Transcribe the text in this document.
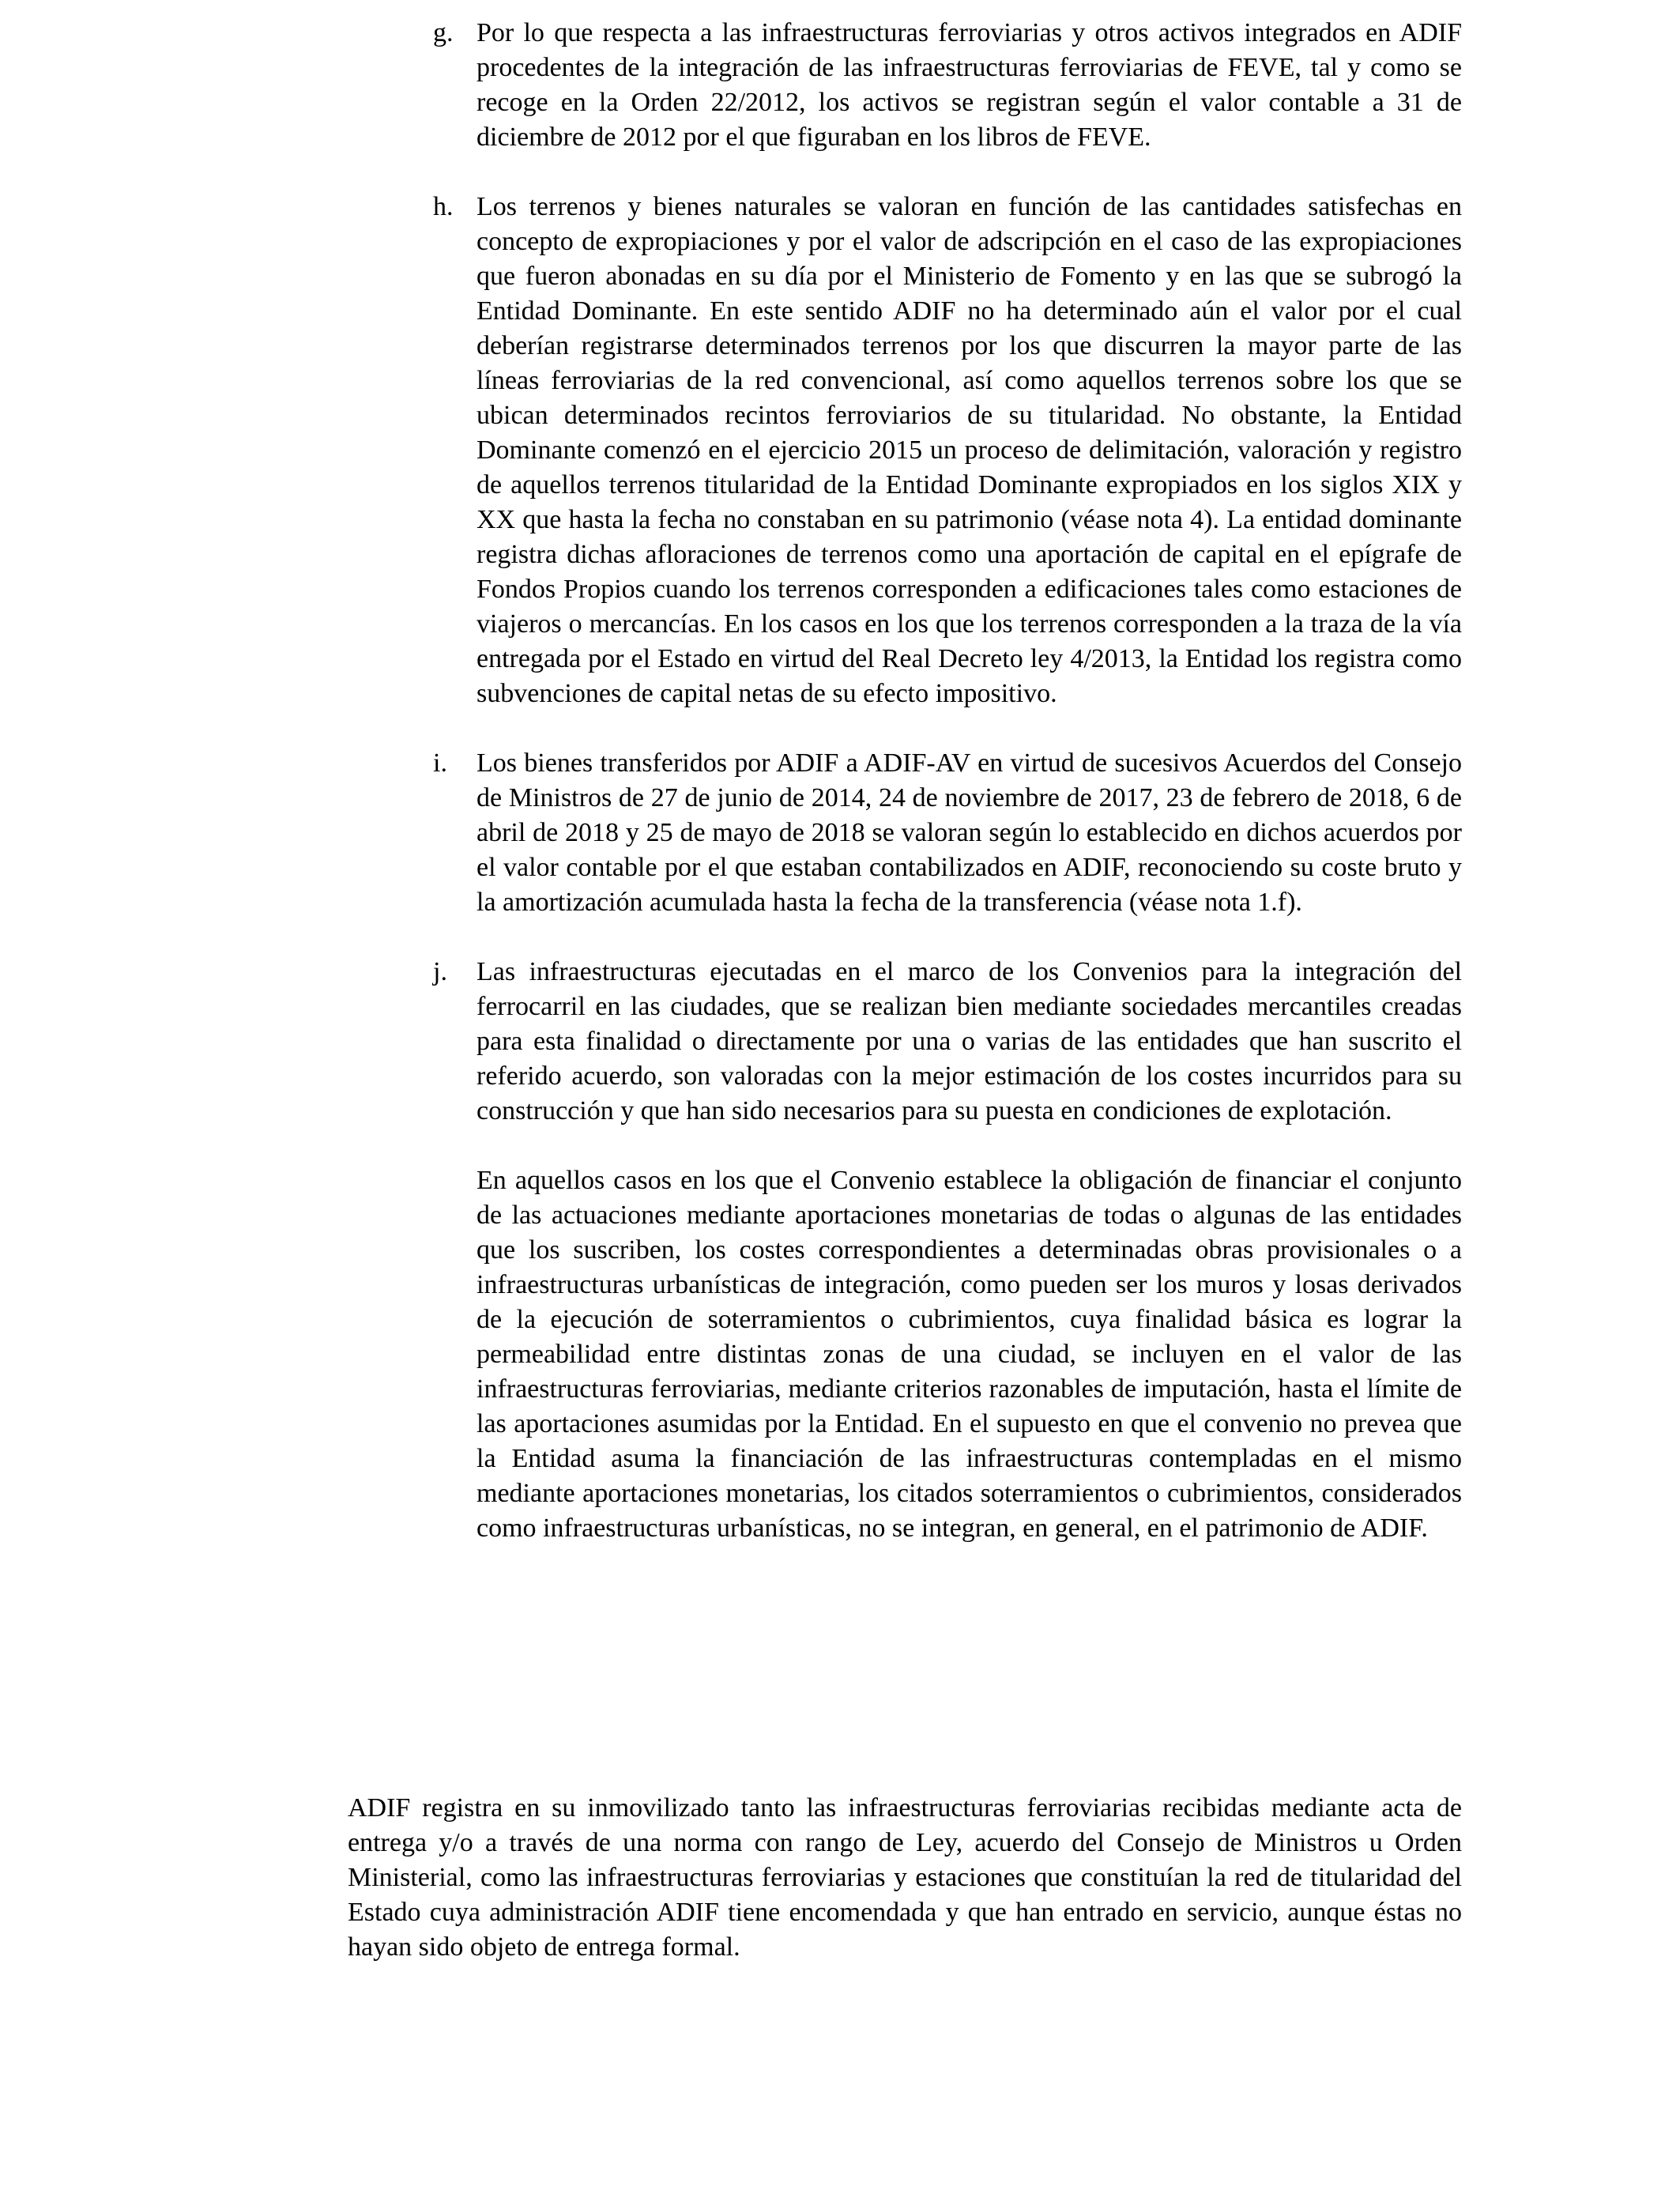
g. Por lo que respecta a las infraestructuras ferroviarias y otros activos integrados en ADIF procedentes de la integración de las infraestructuras ferroviarias de FEVE, tal y como se recoge en la Orden 22/2012, los activos se registran según el valor contable a 31 de diciembre de 2012 por el que figuraban en los libros de FEVE.

h. Los terrenos y bienes naturales se valoran en función de las cantidades satisfechas en concepto de expropiaciones y por el valor de adscripción en el caso de las expropiaciones que fueron abonadas en su día por el Ministerio de Fomento y en las que se subrogó la Entidad Dominante. En este sentido ADIF no ha determinado aún el valor por el cual deberían registrarse determinados terrenos por los que discurren la mayor parte de las líneas ferroviarias de la red convencional, así como aquellos terrenos sobre los que se ubican determinados recintos ferroviarios de su titularidad. No obstante, la Entidad Dominante comenzó en el ejercicio 2015 un proceso de delimitación, valoración y registro de aquellos terrenos titularidad de la Entidad Dominante expropiados en los siglos XIX y XX que hasta la fecha no constaban en su patrimonio (véase nota 4). La entidad dominante registra dichas afloraciones de terrenos como una aportación de capital en el epígrafe de Fondos Propios cuando los terrenos corresponden a edificaciones tales como estaciones de viajeros o mercancías. En los casos en los que los terrenos corresponden a la traza de la vía entregada por el Estado en virtud del Real Decreto ley 4/2013, la Entidad los registra como subvenciones de capital netas de su efecto impositivo.

i. Los bienes transferidos por ADIF a ADIF-AV en virtud de sucesivos Acuerdos del Consejo de Ministros de 27 de junio de 2014, 24 de noviembre de 2017, 23 de febrero de 2018, 6 de abril de 2018 y 25 de mayo de 2018 se valoran según lo establecido en dichos acuerdos por el valor contable por el que estaban contabilizados en ADIF, reconociendo su coste bruto y la amortización acumulada hasta la fecha de la transferencia (véase nota 1.f).

j. Las infraestructuras ejecutadas en el marco de los Convenios para la integración del ferrocarril en las ciudades, que se realizan bien mediante sociedades mercantiles creadas para esta finalidad o directamente por una o varias de las entidades que han suscrito el referido acuerdo, son valoradas con la mejor estimación de los costes incurridos para su construcción y que han sido necesarios para su puesta en condiciones de explotación.

En aquellos casos en los que el Convenio establece la obligación de financiar el conjunto de las actuaciones mediante aportaciones monetarias de todas o algunas de las entidades que los suscriben, los costes correspondientes a determinadas obras provisionales o a infraestructuras urbanísticas de integración, como pueden ser los muros y losas derivados de la ejecución de soterramientos o cubrimientos, cuya finalidad básica es lograr la permeabilidad entre distintas zonas de una ciudad, se incluyen en el valor de las infraestructuras ferroviarias, mediante criterios razonables de imputación, hasta el límite de las aportaciones asumidas por la Entidad. En el supuesto en que el convenio no prevea que la Entidad asuma la financiación de las infraestructuras contempladas en el mismo mediante aportaciones monetarias, los citados soterramientos o cubrimientos, considerados como infraestructuras urbanísticas, no se integran, en general, en el patrimonio de ADIF.

ADIF registra en su inmovilizado tanto las infraestructuras ferroviarias recibidas mediante acta de entrega y/o a través de una norma con rango de Ley, acuerdo del Consejo de Ministros u Orden Ministerial, como las infraestructuras ferroviarias y estaciones que constituían la red de titularidad del Estado cuya administración ADIF tiene encomendada y que han entrado en servicio, aunque éstas no hayan sido objeto de entrega formal.
